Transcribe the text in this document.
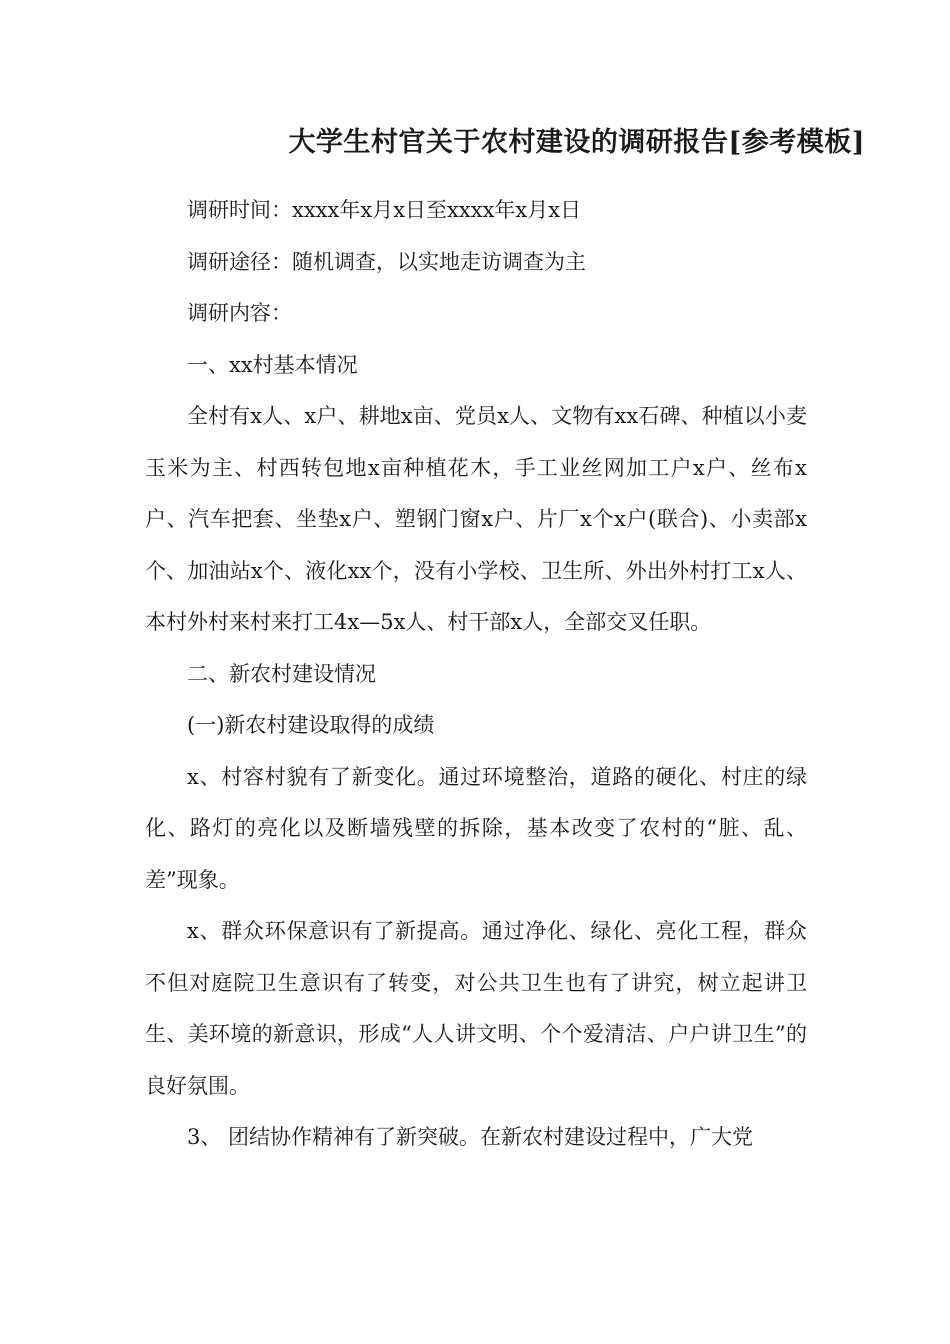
大学生村官关于农村建设的调研报告[参考模板]

调研时间：xxxx年x月x日至xxxx年x月x日

调研途径：随机调查，以实地走访调查为主

调研内容：

一、xx村基本情况

全村有x人、x户、耕地x亩、党员x人、文物有xx石碑、种植以小麦玉米为主、村西转包地x亩种植花木，手工业丝网加工户x户、丝布x户、汽车把套、坐垫x户、塑钢门窗x户、片厂x个x户(联合)、小卖部x个、加油站x个、液化xx个，没有小学校、卫生所、外出外村打工x人、本村外村来村来打工4x—5x人、村干部x人，全部交叉任职。

二、新农村建设情况

(一)新农村建设取得的成绩

x、村容村貌有了新变化。通过环境整治，道路的硬化、村庄的绿化、路灯的亮化以及断墙残壁的拆除，基本改变了农村的“脏、乱、差”现象。

x、群众环保意识有了新提高。通过净化、绿化、亮化工程，群众不但对庭院卫生意识有了转变，对公共卫生也有了讲究，树立起讲卫生、美环境的新意识，形成“人人讲文明、个个爱清洁、户户讲卫生”的良好氛围。

3、 团结协作精神有了新突破。在新农村建设过程中，广大党
